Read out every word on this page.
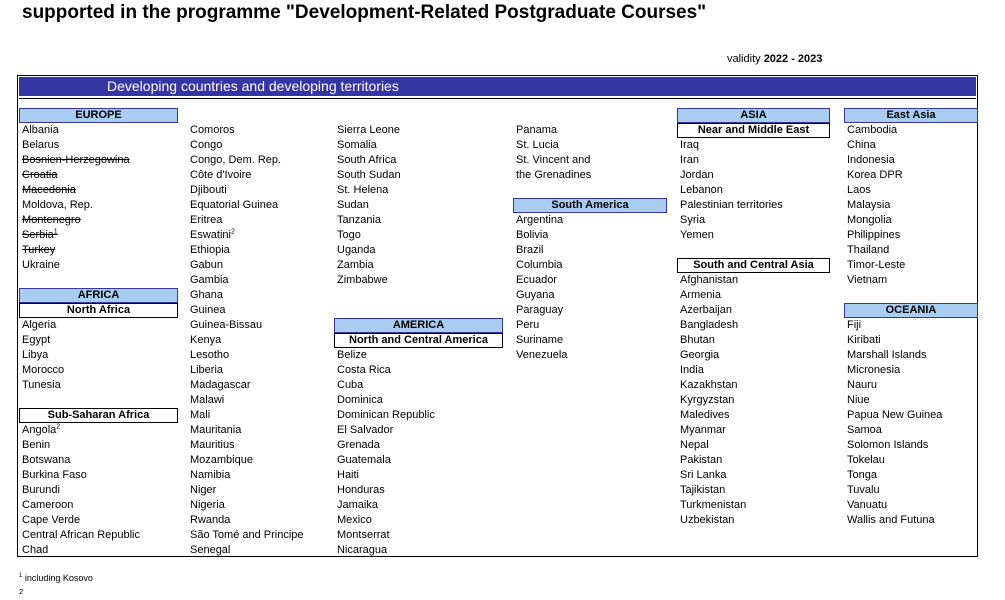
supported in the programme "Development-Related Postgraduate Courses"
validity 2022 - 2023
Developing countries and developing territories
EUROPE
Albania
Belarus
Bosnien-Herzegowina
Croatia
Macedonia
Moldova, Rep.
Montenegro
Serbia$^1$
Turkey
Ukraine
AFRICA
North Africa
Algeria
Egypt
Libya
Morocco
Tunesia
Sub-Saharan Africa
Angola$^2$
Benin
Botswana
Burkina Faso
Burundi
Cameroon
Cape Verde
Central African Republic
Chad
Comoros
Congo
Congo, Dem. Rep.
Côte d'Ivoire
Djibouti
Equatorial Guinea
Eritrea
Eswatini$^2$
Ethiopia
Gabun
Gambia
Ghana
Guinea
Guinea-Bissau
Kenya
Lesotho
Liberia
Madagascar
Malawi
Mali
Mauritania
Mauritius
Mozambique
Namibia
Niger
Nigeria
Rwanda
São Tomé and Principe
Senegal
Sierra Leone
Somalia
South Africa
South Sudan
St. Helena
Sudan
Tanzania
Togo
Uganda
Zambia
Zimbabwe
AMERICA
North and Central America
Belize
Costa Rica
Cuba
Dominica
Dominican Republic
El Salvador
Grenada
Guatemala
Haiti
Honduras
Jamaika
Mexico
Montserrat
Nicaragua
Panama
St. Lucia
St. Vincent and
the Grenadines
South America
Argentina
Bolivia
Brazil
Columbia
Ecuador
Guyana
Paraguay
Peru
Suriname
Venezuela
ASIA
Near and Middle East
Iraq
Iran
Jordan
Lebanon
Palestinian territories
Syria
Yemen
South and Central Asia
Afghanistan
Armenia
Azerbaijan
Bangladesh
Bhutan
Georgia
India
Kazakhstan
Kyrgyzstan
Maledives
Myanmar
Nepal
Pakistan
Sri Lanka
Tajikistan
Turkmenistan
Uzbekistan
East Asia
Cambodia
China
Indonesia
Korea DPR
Laos
Malaysia
Mongolia
Philippines
Thailand
Timor-Leste
Vietnam
OCEANIA
Fiji
Kiribati
Marshall Islands
Micronesia
Nauru
Niue
Papua New Guinea
Samoa
Solomon Islands
Tokelau
Tonga
Tuvalu
Vanuatu
Wallis and Futuna
$^1$ including Kosovo
$^2$
